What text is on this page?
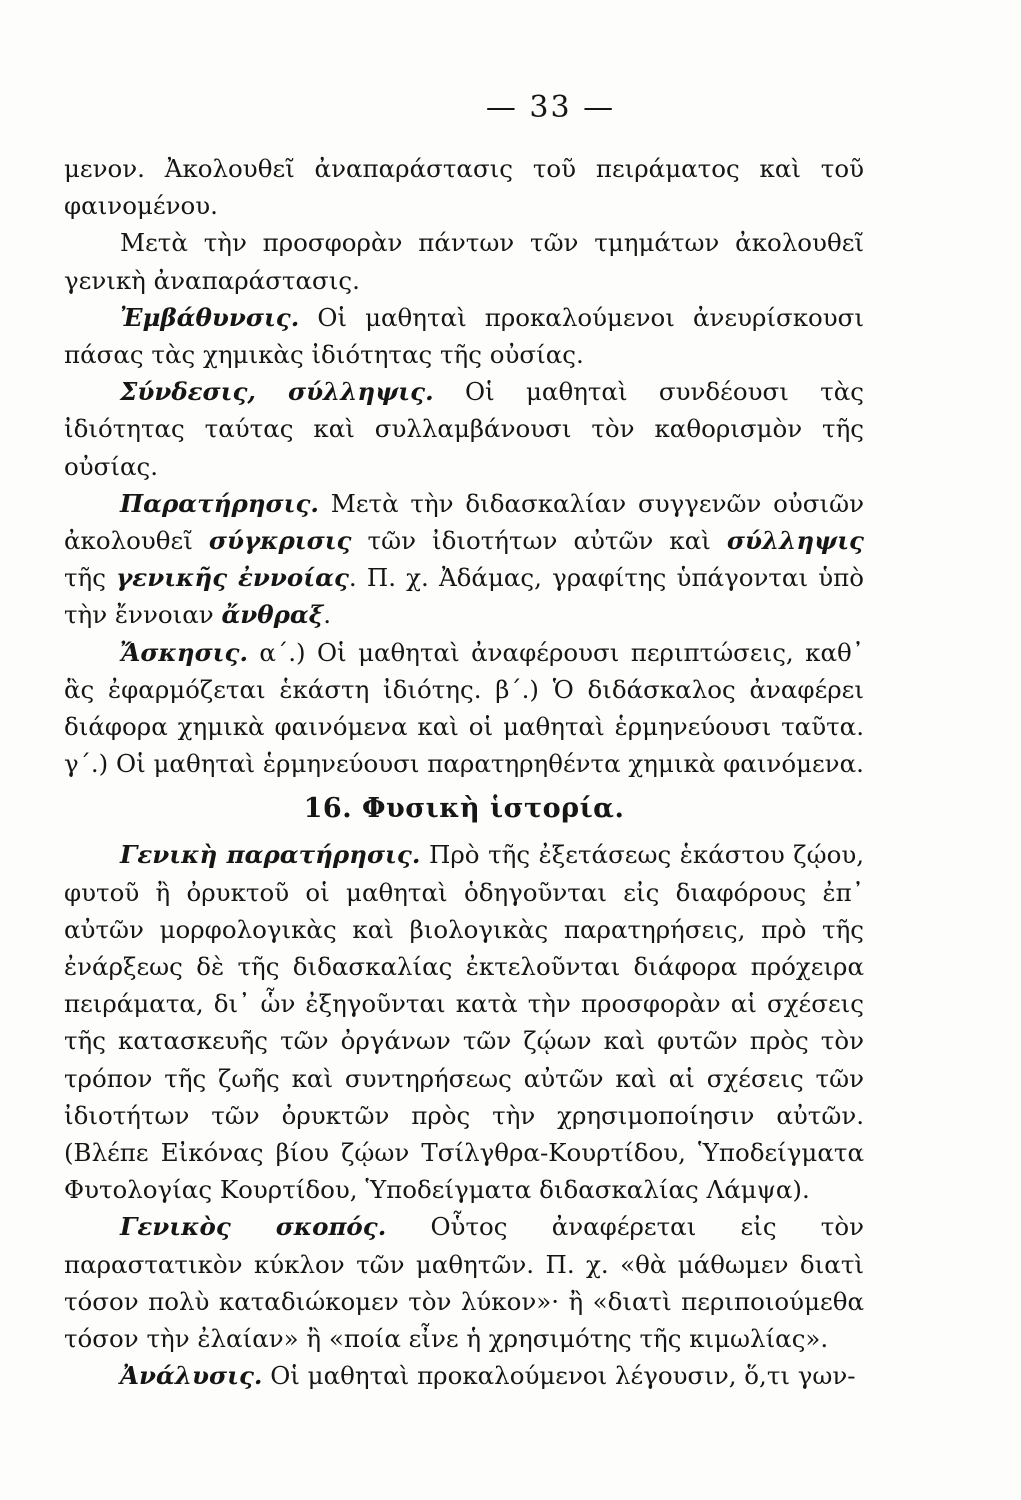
— 33 —

μενον. Ἀκολουθεῖ ἀναπαράστασις τοῦ πειράματος καὶ τοῦ φαινομένου.

Μετὰ τὴν προσφορὰν πάντων τῶν τμημάτων ἀκολουθεῖ γενικὴ ἀναπαράστασις.

Ἐμβάθυνσις. Οἱ μαθηταὶ προκαλούμενοι ἀνευρίσκουσι πάσας τὰς χημικὰς ἰδιότητας τῆς οὐσίας.

Σύνδεσις, σύλληψις. Οἱ μαθηταὶ συνδέουσι τὰς ἰδιότητας ταύτας καὶ συλλαμβάνουσι τὸν καθορισμὸν τῆς οὐσίας.

Παρατήρησις. Μετὰ τὴν διδασκαλίαν συγγενῶν οὐσιῶν ἀκολουθεῖ σύγκρισις τῶν ἰδιοτήτων αὐτῶν καὶ σύλληψις τῆς γενικῆς ἐννοίας. Π. χ. Ἀδάμας, γραφίτης ὑπάγονται ὑπὸ τὴν ἔννοιαν ἄνθραξ.

Ἄσκησις. α΄.) Οἱ μαθηταὶ ἀναφέρουσι περιπτώσεις, καθ᾽ ἃς ἐφαρμόζεται ἑκάστη ἰδιότης. β΄.) Ὁ διδάσκαλος ἀναφέρει διάφορα χημικὰ φαινόμενα καὶ οἱ μαθηταὶ ἑρμηνεύουσι ταῦτα. γ΄.) Οἱ μαθηταὶ ἑρμηνεύουσι παρατηρηθέντα χημικὰ φαινόμενα.

16. Φυσικὴ ἱστορία.

Γενικὴ παρατήρησις. Πρὸ τῆς ἐξετάσεως ἑκάστου ζῴου, φυτοῦ ἢ ὀρυκτοῦ οἱ μαθηταὶ ὁδηγοῦνται εἰς διαφόρους ἐπ᾽ αὐτῶν μορφολογικὰς καὶ βιολογικὰς παρατηρήσεις, πρὸ τῆς ἐνάρξεως δὲ τῆς διδασκαλίας ἐκτελοῦνται διάφορα πρόχειρα πειράματα, δι᾽ ὧν ἐξηγοῦνται κατὰ τὴν προσφορὰν αἱ σχέσεις τῆς κατασκευῆς τῶν ὀργάνων τῶν ζῴων καὶ φυτῶν πρὸς τὸν τρόπον τῆς ζωῆς καὶ συντηρήσεως αὐτῶν καὶ αἱ σχέσεις τῶν ἰδιοτήτων τῶν ὀρυκτῶν πρὸς τὴν χρησιμοποίησιν αὐτῶν. (Βλέπε Εἰκόνας βίου ζῴων Τσίλγθρα-Κουρτίδου, Ὑποδείγματα Φυτολογίας Κουρτίδου, Ὑποδείγματα διδασκαλίας Λάμψα).

Γενικὸς σκοπός. Οὗτος ἀναφέρεται εἰς τὸν παραστατικὸν κύκλον τῶν μαθητῶν. Π. χ. «θὰ μάθωμεν διατὶ τόσον πολὺ καταδιώκομεν τὸν λύκον»· ἢ «διατὶ περιποιούμεθα τόσον τὴν ἐλαίαν» ἢ «ποία εἶνε ἡ χρησιμότης τῆς κιμωλίας».

Ἀνάλυσις. Οἱ μαθηταὶ προκαλούμενοι λέγουσιν, ὅ,τι γων-
